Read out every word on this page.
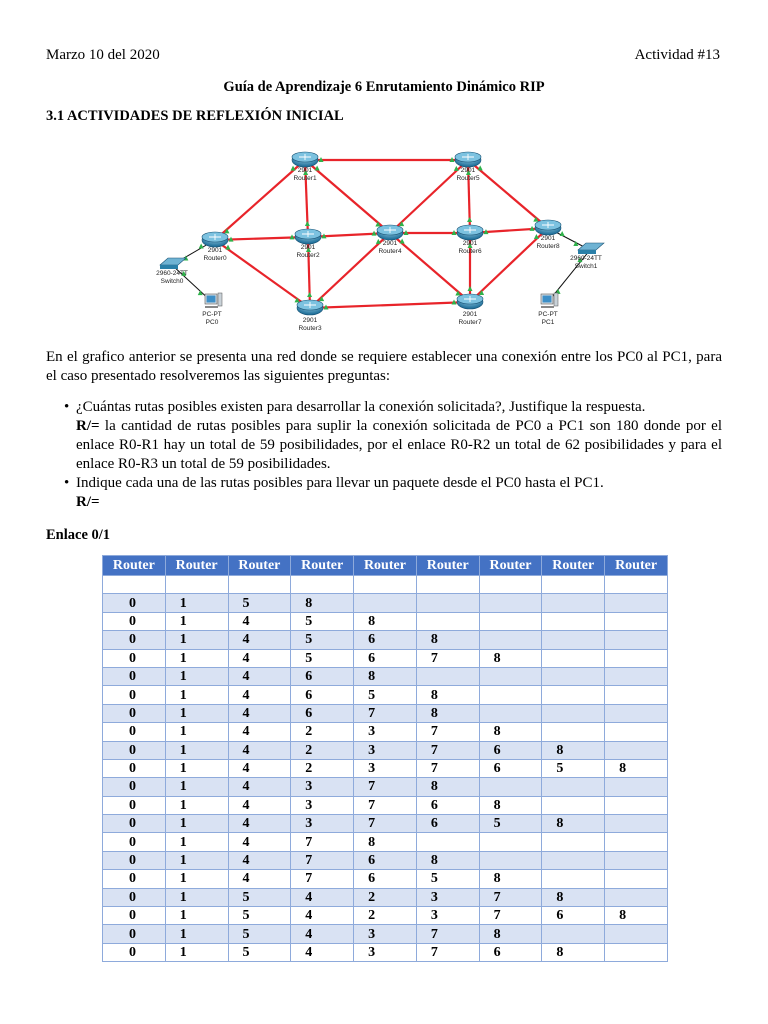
Marzo 10 del 2020	Actividad #13
Guía de Aprendizaje 6 Enrutamiento Dinámico RIP
3.1 ACTIVIDADES DE REFLEXIÓN INICIAL
2901
Router1
2901
Router5
2901
Router0
2901
Router2
2901
Router4
2901
Router6
2901
Router8
2901
Router3
2901
Router7
2960-24TT
Switch0
2960-24TT
Switch1
PC-PT
PC0
PC-PT
PC1
En el grafico anterior se presenta una red donde se requiere establecer una conexión entre los PC0 al PC1, para el caso presentado resolveremos las siguientes preguntas:
• ¿Cuántas rutas posibles existen para desarrollar la conexión solicitada?, Justifique la respuesta.

R/= la cantidad de rutas posibles para suplir la conexión solicitada de PC0 a PC1 son 180 donde por el enlace R0-R1 hay un total de 59 posibilidades, por el enlace R0-R2 un total de 62 posibilidades y para el enlace R0-R3 un total de 59 posibilidades.

• Indique cada una de las rutas posibles para llevar un paquete desde el PC0 hasta el PC1.

R/=

Enlace 0/1
Router	Router	Router	Router	Router	Router	Router	Router	Router

0	1	5	8					
0	1	4	5	8				
0	1	4	5	6	8			
0	1	4	5	6	7	8		
0	1	4	6	8				
0	1	4	6	5	8			
0	1	4	6	7	8			
0	1	4	2	3	7	8		
0	1	4	2	3	7	6	8	
0	1	4	2	3	7	6	5	8
0	1	4	3	7	8			
0	1	4	3	7	6	8		
0	1	4	3	7	6	5	8	
0	1	4	7	8				
0	1	4	7	6	8			
0	1	4	7	6	5	8		
0	1	5	4	2	3	7	8	
0	1	5	4	2	3	7	6	8
0	1	5	4	3	7	8		
0	1	5	4	3	7	6	8	
